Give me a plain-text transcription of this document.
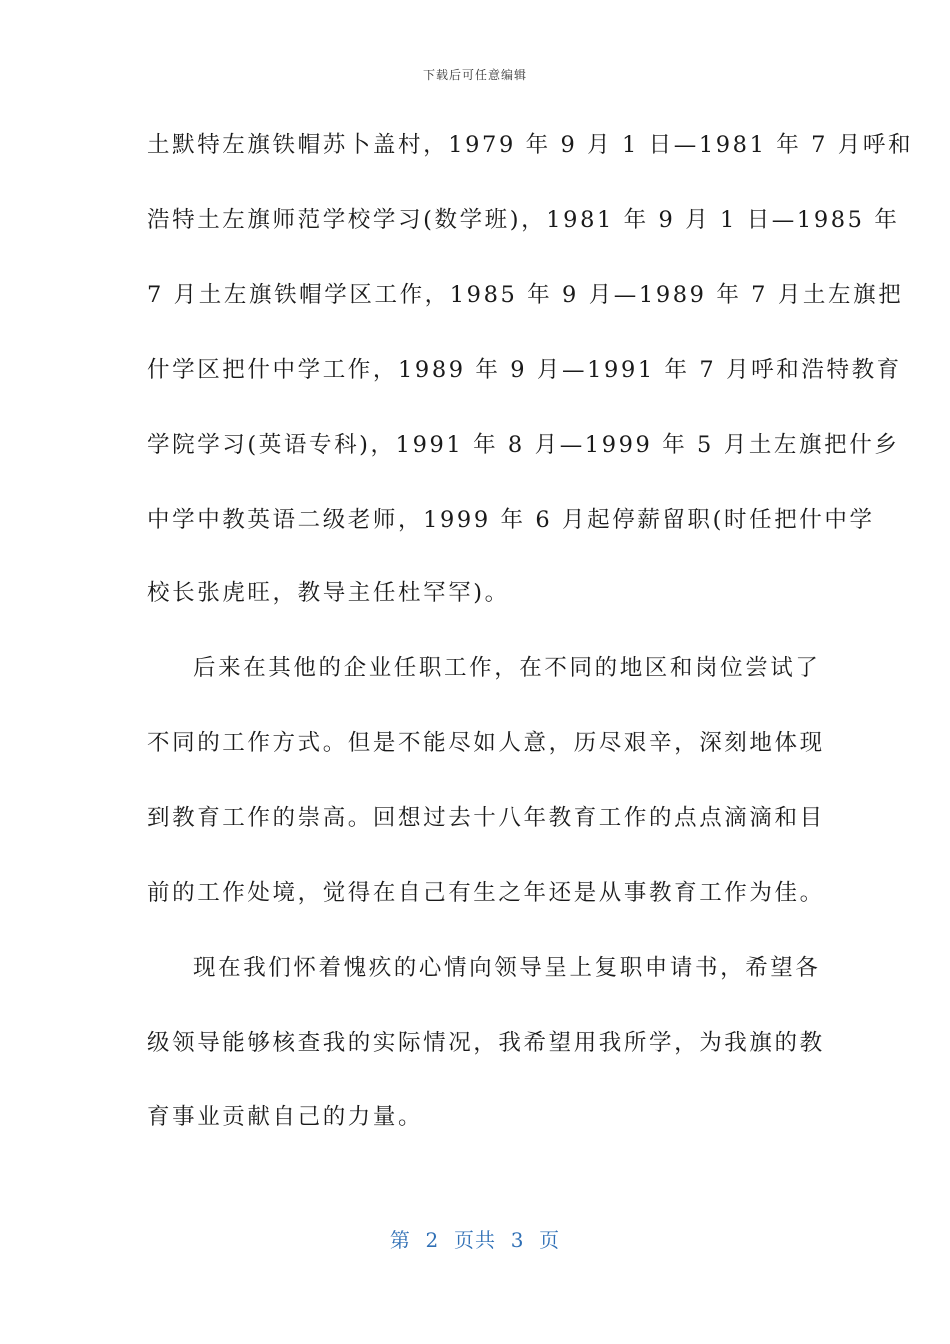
下载后可任意编辑
土默特左旗铁帽苏卜盖村，1979 年 9 月 1 日—1981 年 7 月呼和
浩特土左旗师范学校学习(数学班)，1981 年 9 月 1 日—1985 年
7 月土左旗铁帽学区工作，1985 年 9 月—1989 年 7 月土左旗把
什学区把什中学工作，1989 年 9 月—1991 年 7 月呼和浩特教育
学院学习(英语专科)，1991 年 8 月—1999 年 5 月土左旗把什乡
中学中教英语二级老师，1999 年 6 月起停薪留职(时任把什中学
校长张虎旺，教导主任杜罕罕)。
后来在其他的企业任职工作，在不同的地区和岗位尝试了
不同的工作方式。但是不能尽如人意，历尽艰辛，深刻地体现
到教育工作的崇高。回想过去十八年教育工作的点点滴滴和目
前的工作处境，觉得在自己有生之年还是从事教育工作为佳。
现在我们怀着愧疚的心情向领导呈上复职申请书，希望各
级领导能够核查我的实际情况，我希望用我所学，为我旗的教
育事业贡献自己的力量。
第  2  页共  3  页
